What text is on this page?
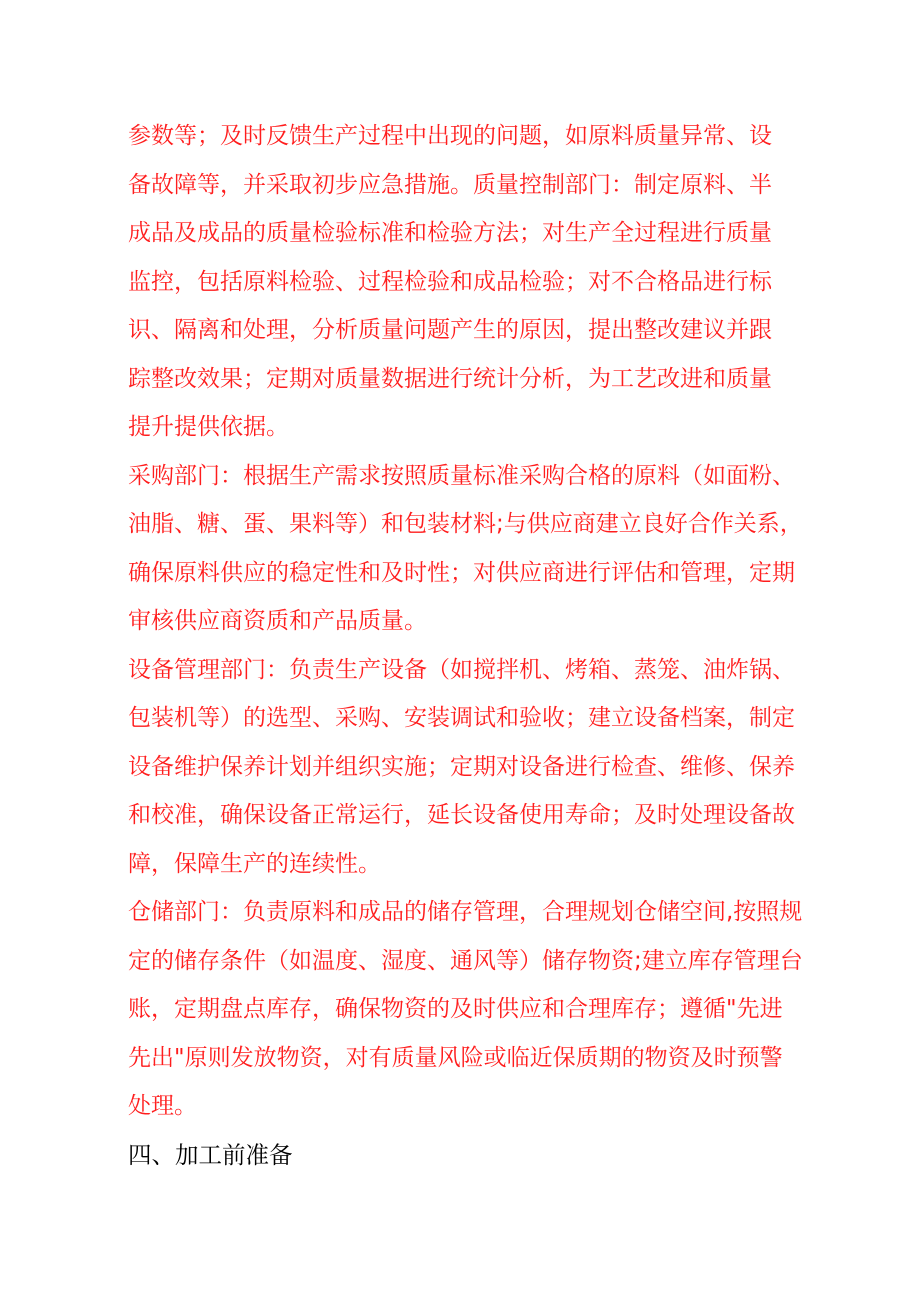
参数等；及时反馈生产过程中出现的问题，如原料质量异常、设
备故障等，并采取初步应急措施。质量控制部门：制定原料、半
成品及成品的质量检验标准和检验方法；对生产全过程进行质量
监控，包括原料检验、过程检验和成品检验；对不合格品进行标
识、隔离和处理，分析质量问题产生的原因，提出整改建议并跟
踪整改效果；定期对质量数据进行统计分析，为工艺改进和质量
提升提供依据。
采购部门：根据生产需求按照质量标准采购合格的原料（如面粉、
油脂、糖、蛋、果料等）和包装材料;与供应商建立良好合作关系，
确保原料供应的稳定性和及时性；对供应商进行评估和管理，定期
审核供应商资质和产品质量。
设备管理部门：负责生产设备（如搅拌机、烤箱、蒸笼、油炸锅、
包装机等）的选型、采购、安装调试和验收；建立设备档案，制定
设备维护保养计划并组织实施；定期对设备进行检查、维修、保养
和校准，确保设备正常运行，延长设备使用寿命；及时处理设备故
障，保障生产的连续性。
仓储部门：负责原料和成品的储存管理，合理规划仓储空间,按照规
定的储存条件（如温度、湿度、通风等）储存物资;建立库存管理台
账，定期盘点库存，确保物资的及时供应和合理库存；遵循"先进
先出"原则发放物资，对有质量风险或临近保质期的物资及时预警
处理。
四、加工前准备
